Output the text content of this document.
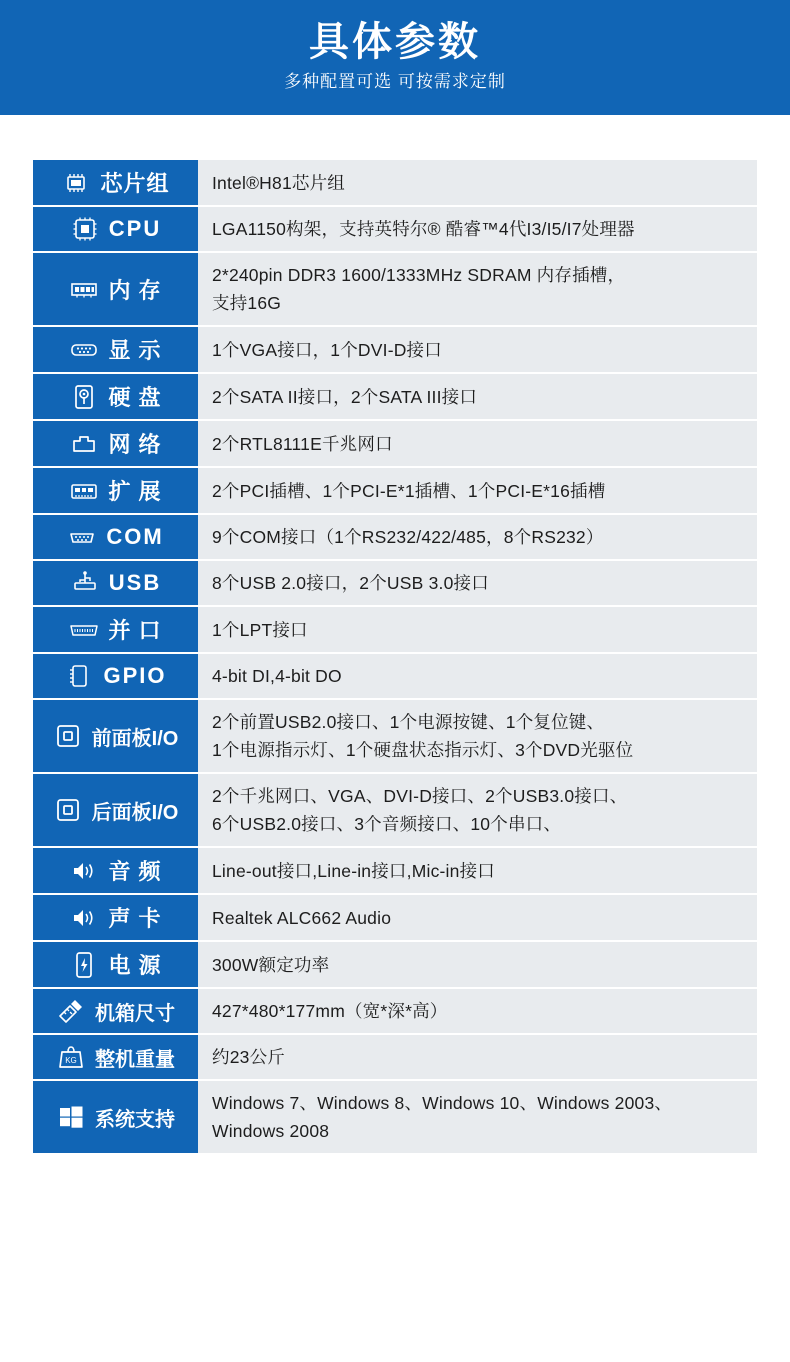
具体参数
多种配置可选 可按需求定制
芯片组	Intel®H81芯片组

CPU	LGA1150构架，支持英特尔® 酷睿™4代I3/I5/I7处理器

内 存	2*240pin DDR3 1600/1333MHz SDRAM 内存插槽，
支持16G

显 示	1个VGA接口，1个DVI-D接口

硬 盘	2个SATA II接口，2个SATA III接口

网 络	2个RTL8111E千兆网口

扩 展	2个PCI插槽、1个PCI-E*1插槽、1个PCI-E*16插槽

COM	9个COM接口（1个RS232/422/485，8个RS232）

USB	8个USB 2.0接口，2个USB 3.0接口

并 口	1个LPT接口

GPIO	4-bit DI,4-bit DO

前面板I/O	2个前置USB2.0接口、1个电源按键、1个复位键、
1个电源指示灯、1个硬盘状态指示灯、3个DVD光驱位

后面板I/O	2个千兆网口、VGA、DVI-D接口、2个USB3.0接口、
6个USB2.0接口、3个音频接口、10个串口、

音 频	Line-out接口,Line-in接口,Mic-in接口

声 卡	Realtek ALC662 Audio

电 源	300W额定功率

机箱尺寸	427*480*177mm（宽*深*高）

KG 整机重量	约23公斤

系统支持	Windows 7、Windows 8、Windows 10、Windows 2003、
Windows 2008
